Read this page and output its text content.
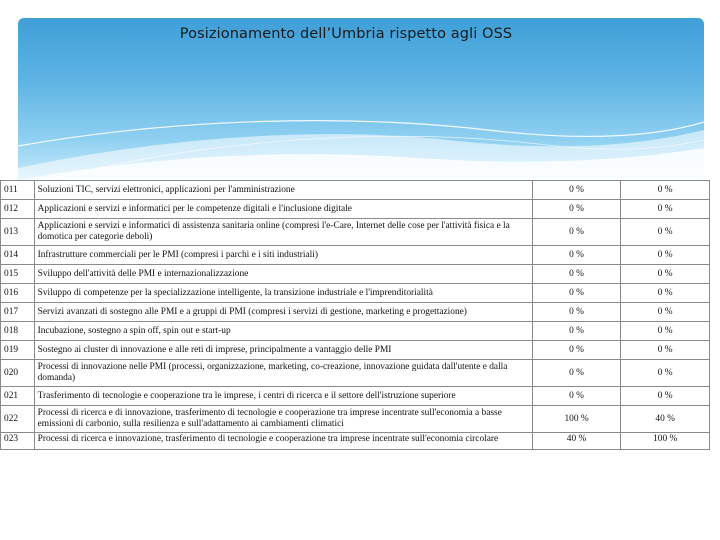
Posizionamento dell’Umbria rispetto agli OSS
011	Soluzioni TIC, servizi elettronici, applicazioni per l'amministrazione	0 %	0 %
012	Applicazioni e servizi e informatici per le competenze digitali e l'inclusione digitale	0 %	0 %
013	Applicazioni e servizi e informatici di assistenza sanitaria online (compresi l'e-Care, Internet delle cose per l'attività fisica e la domotica per categorie deboli)	0 %	0 %
014	Infrastrutture commerciali per le PMI (compresi i parchi e i siti industriali)	0 %	0 %
015	Sviluppo dell'attività delle PMI e internazionalizzazione	0 %	0 %
016	Sviluppo di competenze per la specializzazione intelligente, la transizione industriale e l'imprenditorialità	0 %	0 %
017	Servizi avanzati di sostegno alle PMI e a gruppi di PMI (compresi i servizi di gestione, marketing e progettazione)	0 %	0 %
018	Incubazione, sostegno a spin off, spin out e start-up	0 %	0 %
019	Sostegno ai cluster di innovazione e alle reti di imprese, principalmente a vantaggio delle PMI	0 %	0 %
020	Processi di innovazione nelle PMI (processi, organizzazione, marketing, co-creazione, innovazione guidata dall'utente e dalla domanda)	0 %	0 %
021	Trasferimento di tecnologie e cooperazione tra le imprese, i centri di ricerca e il settore dell'istruzione superiore	0 %	0 %
022	Processi di ricerca e di innovazione, trasferimento di tecnologie e cooperazione tra imprese incentrate sull'economia a basse emissioni di carbonio, sulla resilienza e sull'adattamento ai cambiamenti climatici	100 %	40 %
023	Processi di ricerca e innovazione, trasferimento di tecnologie e cooperazione tra imprese incentrate sull'economia circolare	40 %	100 %
